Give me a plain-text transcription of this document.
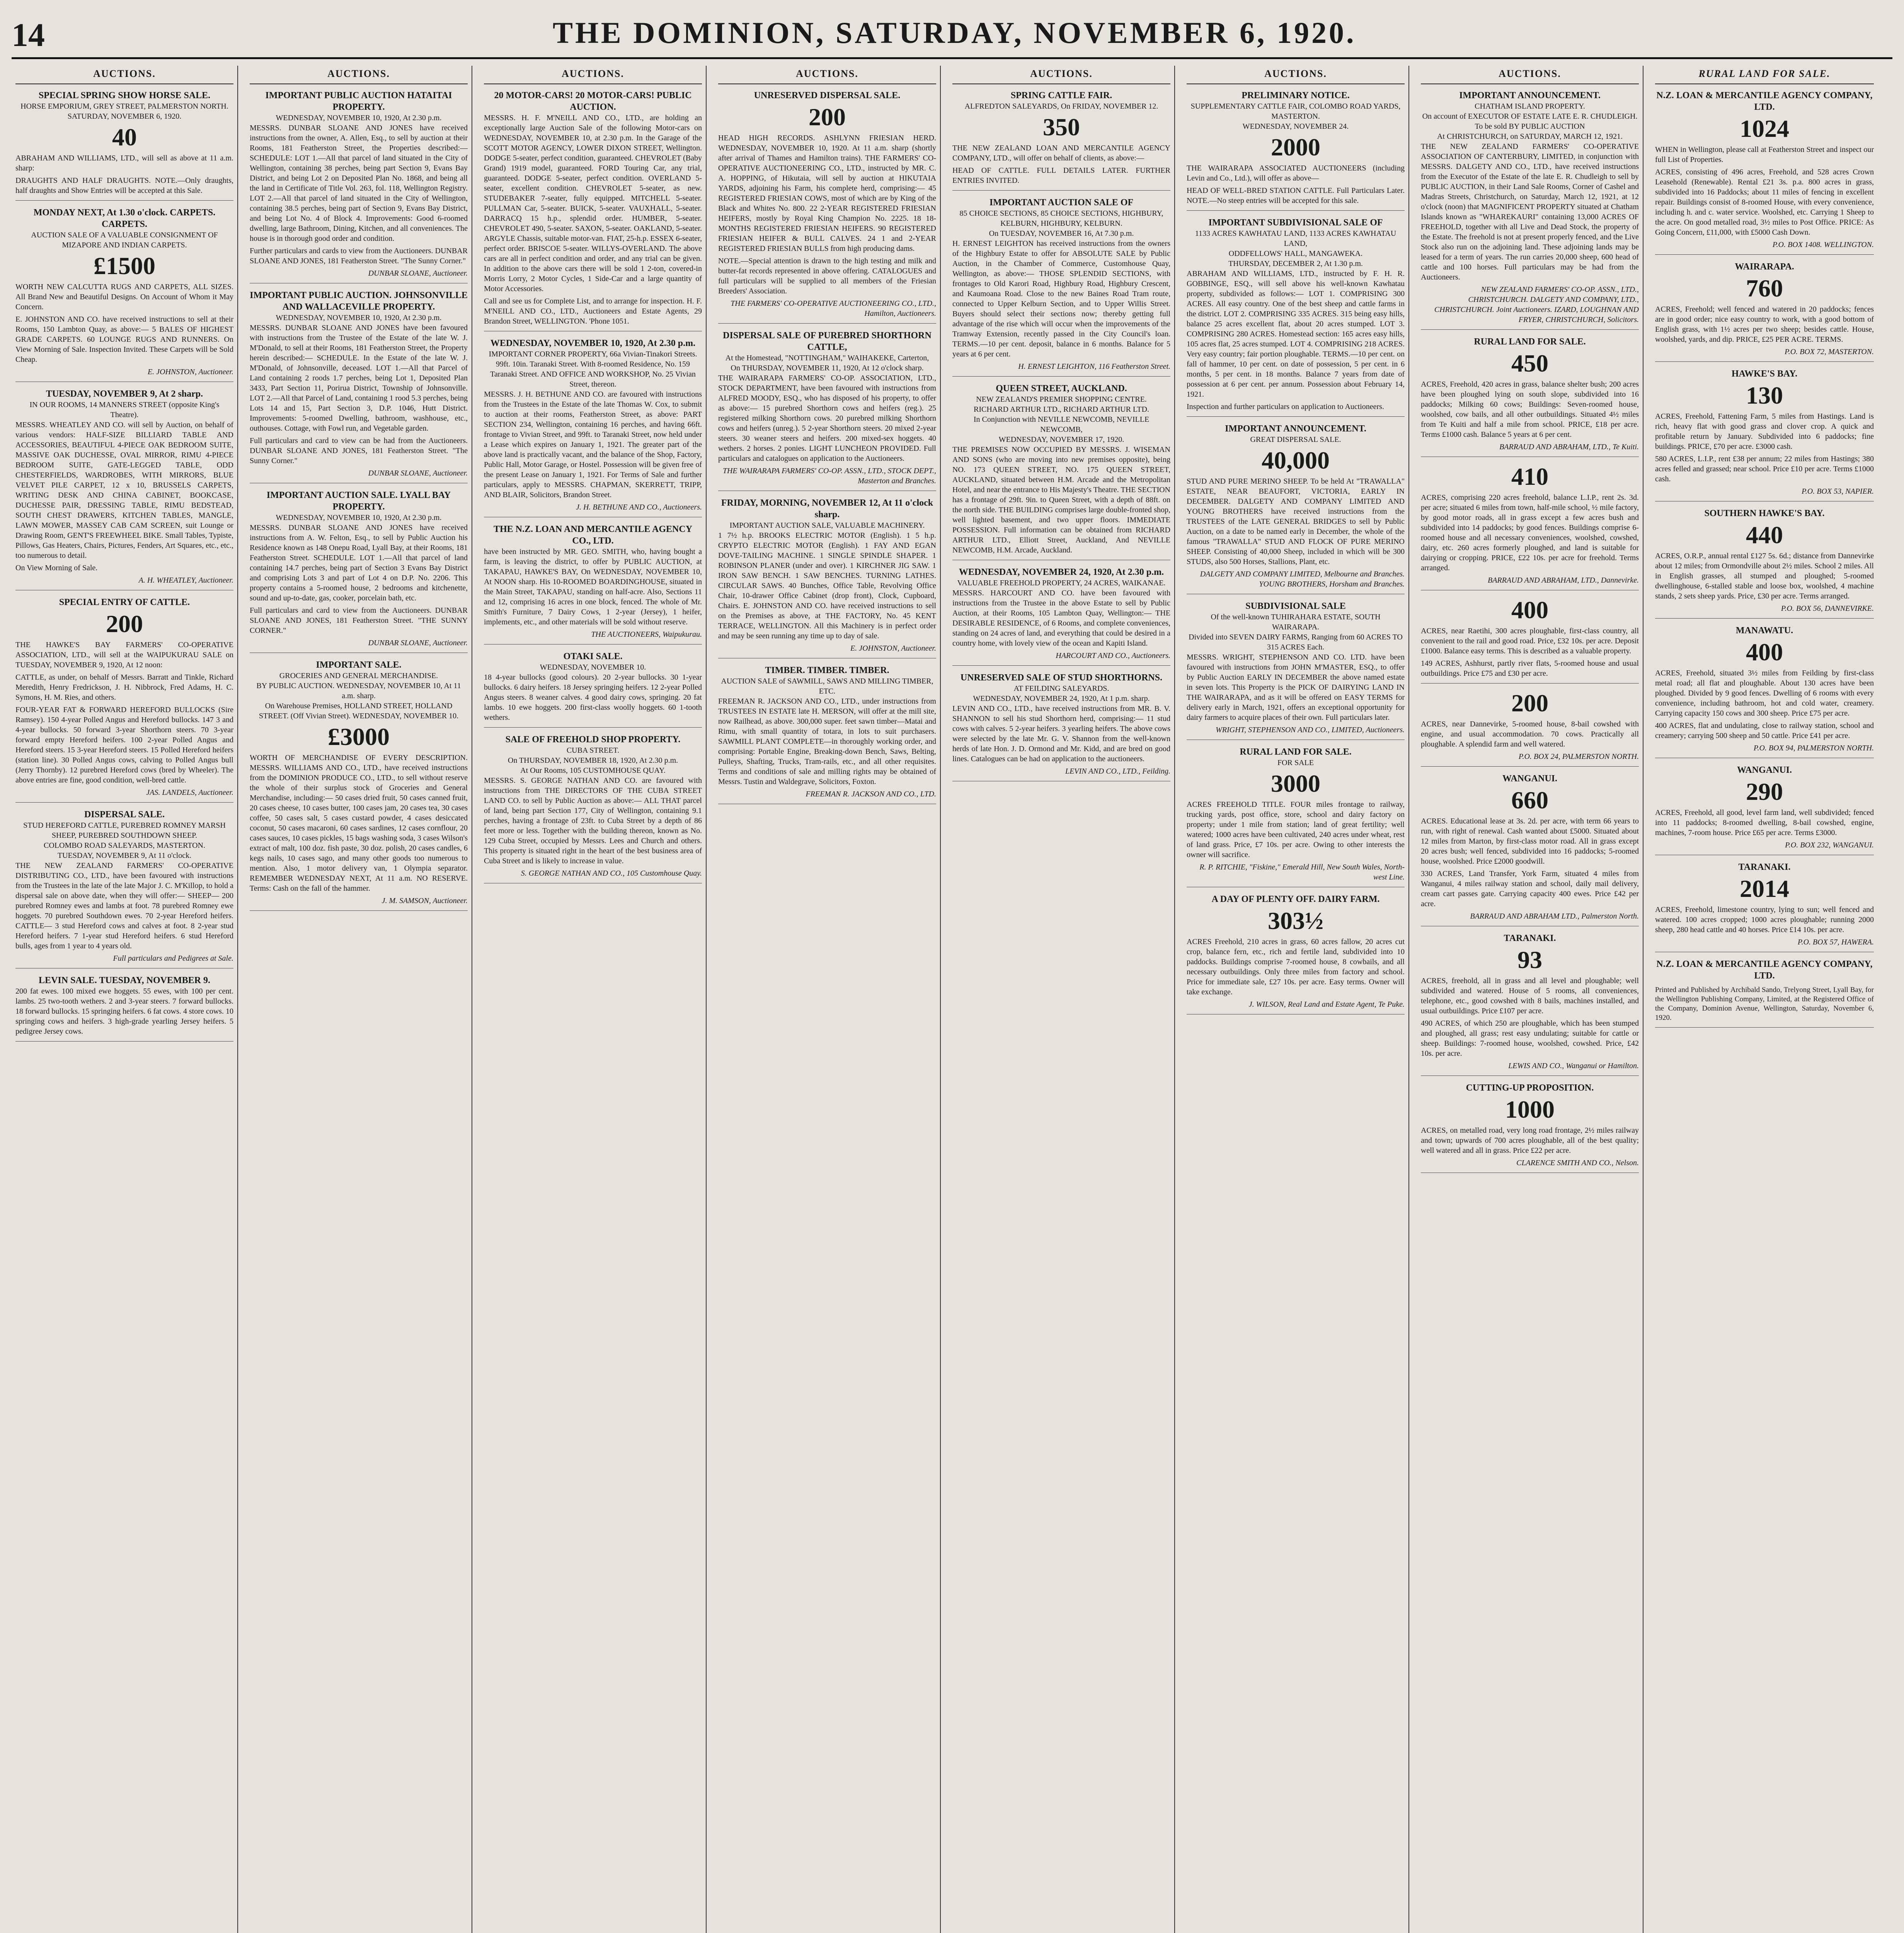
14	THE DOMINION, SATURDAY, NOVEMBER 6, 1920.
AUCTIONS.
SPECIAL SPRING SHOW HORSE SALE.
HORSE EMPORIUM, GREY STREET, PALMERSTON NORTH.
SATURDAY, NOVEMBER 6, 1920.
40
ABRAHAM AND WILLIAMS, LTD., will sell as above at 11 a.m. sharp:
DRAUGHTS AND HALF DRAUGHTS. NOTE.—Only draughts, half draughts and Show Entries will be accepted at this Sale.
MONDAY NEXT, At 1.30 o'clock. CARPETS. CARPETS.
AUCTION SALE OF A VALUABLE CONSIGNMENT OF MIZAPORE AND INDIAN CARPETS.
£1500
WORTH NEW CALCUTTA RUGS AND CARPETS, ALL SIZES. All Brand New and Beautiful Designs. On Account of Whom it May Concern.
E. JOHNSTON AND CO. have received instructions to sell at their Rooms, 150 Lambton Quay, as above:— 5 BALES OF HIGHEST GRADE CARPETS. 60 LOUNGE RUGS AND RUNNERS. On View Morning of Sale. Inspection Invited. These Carpets will be Sold Cheap.
E. JOHNSTON, Auctioneer.
TUESDAY, NOVEMBER 9, At 2 sharp.
IN OUR ROOMS, 14 MANNERS STREET (opposite King's Theatre).
MESSRS. WHEATLEY AND CO. will sell by Auction, on behalf of various vendors: HALF-SIZE BILLIARD TABLE AND ACCESSORIES, BEAUTIFUL 4-PIECE OAK BEDROOM SUITE, MASSIVE OAK DUCHESSE, OVAL MIRROR, RIMU 4-PIECE BEDROOM SUITE, GATE-LEGGED TABLE, ODD CHESTERFIELDS, WARDROBES, WITH MIRRORS, BLUE VELVET PILE CARPET, 12 x 10, BRUSSELS CARPETS, WRITING DESK AND CHINA CABINET, BOOKCASE, DUCHESSE PAIR, DRESSING TABLE, RIMU BEDSTEAD, SOUTH CHEST DRAWERS, KITCHEN TABLES, MANGLE, LAWN MOWER, MASSEY CAB CAM SCREEN, suit Lounge or Drawing Room, GENT'S FREEWHEEL BIKE. Small Tables, Typiste, Pillows, Gas Heaters, Chairs, Pictures, Fenders, Art Squares, etc., etc., too numerous to detail.
On View Morning of Sale.
A. H. WHEATLEY, Auctioneer.
SPECIAL ENTRY OF CATTLE.
200
THE HAWKE'S BAY FARMERS' CO-OPERATIVE ASSOCIATION, LTD., will sell at the WAIPUKURAU SALE on TUESDAY, NOVEMBER 9, 1920, At 12 noon:
CATTLE, as under, on behalf of Messrs. Barratt and Tinkle, Richard Meredith, Henry Fredrickson, J. H. Nibbrock, Fred Adams, H. C. Symons, H. M. Ries, and others.
FOUR-YEAR FAT & FORWARD HEREFORD BULLOCKS (Sire Ramsey). 150 4-year Polled Angus and Hereford bullocks. 147 3 and 4-year bullocks. 50 forward 3-year Shorthorn steers. 70 3-year forward empty Hereford heifers. 100 2-year Polled Angus and Hereford steers. 15 3-year Hereford steers. 15 Polled Hereford heifers (station line). 30 Polled Angus cows, calving to Polled Angus bull (Jerry Thornby). 12 purebred Hereford cows (bred by Wheeler). The above entries are fine, good condition, well-bred cattle.
JAS. LANDELS, Auctioneer.
DISPERSAL SALE.
STUD HEREFORD CATTLE, PUREBRED ROMNEY MARSH SHEEP, PUREBRED SOUTHDOWN SHEEP.
COLOMBO ROAD SALEYARDS, MASTERTON.
TUESDAY, NOVEMBER 9, At 11 o'clock.
THE NEW ZEALAND FARMERS' CO-OPERATIVE DISTRIBUTING CO., LTD., have been favoured with instructions from the Trustees in the late of the late Major J. C. M'Killop, to hold a dispersal sale on above date, when they will offer:— SHEEP— 200 purebred Romney ewes and lambs at foot. 78 purebred Romney ewe hoggets. 70 purebred Southdown ewes. 70 2-year Hereford heifers. CATTLE— 3 stud Hereford cows and calves at foot. 8 2-year stud Hereford heifers. 7 1-year stud Hereford heifers. 6 stud Hereford bulls, ages from 1 year to 4 years old.
Full particulars and Pedigrees at Sale.
LEVIN SALE. TUESDAY, NOVEMBER 9.
200 fat ewes. 100 mixed ewe hoggets. 55 ewes, with 100 per cent. lambs. 25 two-tooth wethers. 2 and 3-year steers. 7 forward bullocks. 18 forward bullocks. 15 springing heifers. 6 fat cows. 4 store cows. 10 springing cows and heifers. 3 high-grade yearling Jersey heifers. 5 pedigree Jersey cows.
AUCTIONS.
IMPORTANT PUBLIC AUCTION HATAITAI PROPERTY.
WEDNESDAY, NOVEMBER 10, 1920, At 2.30 p.m.
MESSRS. DUNBAR SLOANE AND JONES have received instructions from the owner, A. Allen, Esq., to sell by auction at their Rooms, 181 Featherston Street, the Properties described:— SCHEDULE: LOT 1.—All that parcel of land situated in the City of Wellington, containing 38 perches, being part Section 9, Evans Bay District, and being Lot 2 on Deposited Plan No. 1868, and being all the land in Certificate of Title Vol. 263, fol. 118, Wellington Registry. LOT 2.—All that parcel of land situated in the City of Wellington, containing 38.5 perches, being part of Section 9, Evans Bay District, and being Lot No. 4 of Block 4. Improvements: Good 6-roomed dwelling, large Bathroom, Dining, Kitchen, and all conveniences. The house is in thorough good order and condition.
Further particulars and cards to view from the Auctioneers. DUNBAR SLOANE AND JONES, 181 Featherston Street. "The Sunny Corner."
DUNBAR SLOANE, Auctioneer.
IMPORTANT PUBLIC AUCTION. JOHNSONVILLE AND WALLACEVILLE PROPERTY.
WEDNESDAY, NOVEMBER 10, 1920, At 2.30 p.m.
MESSRS. DUNBAR SLOANE AND JONES have been favoured with instructions from the Trustee of the Estate of the late W. J. M'Donald, to sell at their Rooms, 181 Featherston Street, the Property herein described:— SCHEDULE. In the Estate of the late W. J. M'Donald, of Johnsonville, deceased. LOT 1.—All that Parcel of Land containing 2 roods 1.7 perches, being Lot 1, Deposited Plan 3433, Part Section 11, Porirua District, Township of Johnsonville. LOT 2.—All that Parcel of Land, containing 1 rood 5.3 perches, being Lots 14 and 15, Part Section 3, D.P. 1046, Hutt District. Improvements: 5-roomed Dwelling, bathroom, washhouse, etc., outhouses. Cottage, with Fowl run, and Vegetable garden.
Full particulars and card to view can be had from the Auctioneers. DUNBAR SLOANE AND JONES, 181 Featherston Street. "The Sunny Corner."
DUNBAR SLOANE, Auctioneer.
IMPORTANT AUCTION SALE. LYALL BAY PROPERTY.
WEDNESDAY, NOVEMBER 10, 1920, At 2.30 p.m.
MESSRS. DUNBAR SLOANE AND JONES have received instructions from A. W. Felton, Esq., to sell by Public Auction his Residence known as 148 Onepu Road, Lyall Bay, at their Rooms, 181 Featherston Street. SCHEDULE. LOT 1.—All that parcel of land containing 14.7 perches, being part of Section 3 Evans Bay District and comprising Lots 3 and part of Lot 4 on D.P. No. 2206. This property contains a 5-roomed house, 2 bedrooms and kitchenette, sound and up-to-date, gas, cooker, porcelain bath, etc.
Full particulars and card to view from the Auctioneers. DUNBAR SLOANE AND JONES, 181 Featherston Street. "THE SUNNY CORNER."
DUNBAR SLOANE, Auctioneer.
IMPORTANT SALE.
GROCERIES AND GENERAL MERCHANDISE.
BY PUBLIC AUCTION. WEDNESDAY, NOVEMBER 10, At 11 a.m. sharp.
On Warehouse Premises, HOLLAND STREET, HOLLAND STREET. (Off Vivian Street). WEDNESDAY, NOVEMBER 10.
£3000
WORTH OF MERCHANDISE OF EVERY DESCRIPTION. MESSRS. WILLIAMS AND CO., LTD., have received instructions from the DOMINION PRODUCE CO., LTD., to sell without reserve the whole of their surplus stock of Groceries and General Merchandise, including:— 50 cases dried fruit, 50 cases canned fruit, 20 cases cheese, 10 cases butter, 100 cases jam, 20 cases tea, 30 cases coffee, 50 cases salt, 5 cases custard powder, 4 cases desiccated coconut, 50 cases macaroni, 60 cases sardines, 12 cases cornflour, 20 cases sauces, 10 cases pickles, 15 bags washing soda, 3 cases Wilson's extract of malt, 100 doz. fish paste, 30 doz. polish, 20 cases candles, 6 kegs nails, 10 cases sago, and many other goods too numerous to mention. Also, 1 motor delivery van, 1 Olympia separator. REMEMBER WEDNESDAY NEXT, At 11 a.m. NO RESERVE. Terms: Cash on the fall of the hammer.
J. M. SAMSON, Auctioneer.
AUCTIONS.
20 MOTOR-CARS! 20 MOTOR-CARS! PUBLIC AUCTION.
MESSRS. H. F. M'NEILL AND CO., LTD., are holding an exceptionally large Auction Sale of the following Motor-cars on WEDNESDAY, NOVEMBER 10, at 2.30 p.m. In the Garage of the SCOTT MOTOR AGENCY, LOWER DIXON STREET, Wellington. DODGE 5-seater, perfect condition, guaranteed. CHEVROLET (Baby Grand) 1919 model, guaranteed. FORD Touring Car, any trial, guaranteed. DODGE 5-seater, perfect condition. OVERLAND 5-seater, excellent condition. CHEVROLET 5-seater, as new. STUDEBAKER 7-seater, fully equipped. MITCHELL 5-seater. PULLMAN Car, 5-seater. BUICK, 5-seater. VAUXHALL, 5-seater. DARRACQ 15 h.p., splendid order. HUMBER, 5-seater. CHEVROLET 490, 5-seater. SAXON, 5-seater. OAKLAND, 5-seater. ARGYLE Chassis, suitable motor-van. FIAT, 25-h.p. ESSEX 6-seater, perfect order. BRISCOE 5-seater. WILLYS-OVERLAND. The above cars are all in perfect condition and order, and any trial can be given. In addition to the above cars there will be sold 1 2-ton, covered-in Morris Lorry, 2 Motor Cycles, 1 Side-Car and a large quantity of Motor Accessories.
Call and see us for Complete List, and to arrange for inspection. H. F. M'NEILL AND CO., LTD., Auctioneers and Estate Agents, 29 Brandon Street, WELLINGTON. 'Phone 1051.
WEDNESDAY, NOVEMBER 10, 1920, At 2.30 p.m.
IMPORTANT CORNER PROPERTY, 66a Vivian-Tinakori Streets. 99ft. 10in. Taranaki Street. With 8-roomed Residence, No. 159 Taranaki Street. AND OFFICE AND WORKSHOP, No. 25 Vivian Street, thereon.
MESSRS. J. H. BETHUNE AND CO. are favoured with instructions from the Trustees in the Estate of the late Thomas W. Cox, to submit to auction at their rooms, Featherston Street, as above: PART SECTION 234, Wellington, containing 16 perches, and having 66ft. frontage to Vivian Street, and 99ft. to Taranaki Street, now held under a Lease which expires on January 1, 1921. The greater part of the above land is practically vacant, and the balance of the Shop, Factory, Public Hall, Motor Garage, or Hostel. Possession will be given free of the present Lease on January 1, 1921. For Terms of Sale and further particulars, apply to MESSRS. CHAPMAN, SKERRETT, TRIPP, AND BLAIR, Solicitors, Brandon Street.
J. H. BETHUNE AND CO., Auctioneers.
THE N.Z. LOAN AND MERCANTILE AGENCY CO., LTD.
have been instructed by MR. GEO. SMITH, who, having bought a farm, is leaving the district, to offer by PUBLIC AUCTION, at TAKAPAU, HAWKE'S BAY, On WEDNESDAY, NOVEMBER 10, At NOON sharp. His 10-ROOMED BOARDINGHOUSE, situated in the Main Street, TAKAPAU, standing on half-acre. Also, Sections 11 and 12, comprising 16 acres in one block, fenced. The whole of Mr. Smith's Furniture, 7 Dairy Cows, 1 2-year (Jersey), 1 heifer, implements, etc., and other materials will be sold without reserve.
THE AUCTIONEERS, Waipukurau.
OTAKI SALE.
WEDNESDAY, NOVEMBER 10.
18 4-year bullocks (good colours). 20 2-year bullocks. 30 1-year bullocks. 6 dairy heifers. 18 Jersey springing heifers. 12 2-year Polled Angus steers. 8 weaner calves. 4 good dairy cows, springing. 20 fat lambs. 10 ewe hoggets. 200 first-class woolly hoggets. 60 1-tooth wethers.
SALE OF FREEHOLD SHOP PROPERTY.
CUBA STREET.
On THURSDAY, NOVEMBER 18, 1920, At 2.30 p.m.
At Our Rooms, 105 CUSTOMHOUSE QUAY.
MESSRS. S. GEORGE NATHAN AND CO. are favoured with instructions from THE DIRECTORS OF THE CUBA STREET LAND CO. to sell by Public Auction as above:— ALL THAT parcel of land, being part Section 177, City of Wellington, containing 9.1 perches, having a frontage of 23ft. to Cuba Street by a depth of 86 feet more or less. Together with the building thereon, known as No. 129 Cuba Street, occupied by Messrs. Lees and Church and others. This property is situated right in the heart of the best business area of Cuba Street and is likely to increase in value.
S. GEORGE NATHAN AND CO., 105 Customhouse Quay.
AUCTIONS.
UNRESERVED DISPERSAL SALE.
200
HEAD HIGH RECORDS. ASHLYNN FRIESIAN HERD. WEDNESDAY, NOVEMBER 10, 1920. At 11 a.m. sharp (shortly after arrival of Thames and Hamilton trains). THE FARMERS' CO-OPERATIVE AUCTIONEERING CO., LTD., instructed by MR. C. A. HOPPING, of Hikutaia, will sell by auction at HIKUTAIA YARDS, adjoining his Farm, his complete herd, comprising:— 45 REGISTERED FRIESIAN COWS, most of which are by King of the Black and Whites No. 800. 22 2-YEAR REGISTERED FRIESIAN HEIFERS, mostly by Royal King Champion No. 2225. 18 18-MONTHS REGISTERED FRIESIAN HEIFERS. 90 REGISTERED FRIESIAN HEIFER & BULL CALVES. 24 1 and 2-YEAR REGISTERED FRIESIAN BULLS from high producing dams.
NOTE.—Special attention is drawn to the high testing and milk and butter-fat records represented in above offering. CATALOGUES and full particulars will be supplied to all members of the Friesian Breeders' Association.
THE FARMERS' CO-OPERATIVE AUCTIONEERING CO., LTD., Hamilton, Auctioneers.
DISPERSAL SALE OF PUREBRED SHORTHORN CATTLE,
At the Homestead, "NOTTINGHAM," WAIHAKEKE, Carterton,
On THURSDAY, NOVEMBER 11, 1920, At 12 o'clock sharp.
THE WAIRARAPA FARMERS' CO-OP. ASSOCIATION, LTD., STOCK DEPARTMENT, have been favoured with instructions from ALFRED MOODY, ESQ., who has disposed of his property, to offer as above:— 15 purebred Shorthorn cows and heifers (reg.). 25 registered milking Shorthorn cows. 20 purebred milking Shorthorn cows and heifers (unreg.). 5 2-year Shorthorn steers. 20 mixed 2-year steers. 30 weaner steers and heifers. 200 mixed-sex hoggets. 40 wethers. 2 horses. 2 ponies. LIGHT LUNCHEON PROVIDED. Full particulars and catalogues on application to the Auctioneers.
THE WAIRARAPA FARMERS' CO-OP. ASSN., LTD., STOCK DEPT., Masterton and Branches.
FRIDAY, MORNING, NOVEMBER 12, At 11 o'clock sharp.
IMPORTANT AUCTION SALE, VALUABLE MACHINERY.
1 7½ h.p. BROOKS ELECTRIC MOTOR (English). 1 5 h.p. CRYPTO ELECTRIC MOTOR (English). 1 FAY AND EGAN DOVE-TAILING MACHINE. 1 SINGLE SPINDLE SHAPER. 1 ROBINSON PLANER (under and over). 1 KIRCHNER JIG SAW. 1 IRON SAW BENCH. 1 SAW BENCHES. TURNING LATHES. CIRCULAR SAWS. 40 Bunches, Office Table, Revolving Office Chair, 10-drawer Office Cabinet (drop front), Clock, Cupboard, Chairs. E. JOHNSTON AND CO. have received instructions to sell on the Premises as above, at THE FACTORY, No. 45 KENT TERRACE, WELLINGTON. All this Machinery is in perfect order and may be seen running any time up to day of sale.
E. JOHNSTON, Auctioneer.
TIMBER. TIMBER. TIMBER.
AUCTION SALE of SAWMILL, SAWS AND MILLING TIMBER, ETC.
FREEMAN R. JACKSON AND CO., LTD., under instructions from TRUSTEES IN ESTATE late H. MERSON, will offer at the mill site, now Railhead, as above. 300,000 super. feet sawn timber—Matai and Rimu, with small quantity of totara, in lots to suit purchasers. SAWMILL PLANT COMPLETE—in thoroughly working order, and comprising: Portable Engine, Breaking-down Bench, Saws, Belting, Pulleys, Shafting, Trucks, Tram-rails, etc., and all other requisites. Terms and conditions of sale and milling rights may be obtained of Messrs. Tustin and Waldegrave, Solicitors, Foxton.
FREEMAN R. JACKSON AND CO., LTD.
AUCTIONS.
SPRING CATTLE FAIR.
ALFREDTON SALEYARDS, On FRIDAY, NOVEMBER 12.
350
THE NEW ZEALAND LOAN AND MERCANTILE AGENCY COMPANY, LTD., will offer on behalf of clients, as above:—
HEAD OF CATTLE. FULL DETAILS LATER. FURTHER ENTRIES INVITED.
IMPORTANT AUCTION SALE OF
85 CHOICE SECTIONS, 85 CHOICE SECTIONS, HIGHBURY, KELBURN, HIGHBURY, KELBURN.
On TUESDAY, NOVEMBER 16, At 7.30 p.m.
H. ERNEST LEIGHTON has received instructions from the owners of the Highbury Estate to offer for ABSOLUTE SALE by Public Auction, in the Chamber of Commerce, Customhouse Quay, Wellington, as above:— THOSE SPLENDID SECTIONS, with frontages to Old Karori Road, Highbury Road, Highbury Crescent, and Kaumoana Road. Close to the new Baines Road Tram route, connected to Upper Kelburn Section, and to Upper Willis Street. Buyers should select their sections now; thereby getting full advantage of the rise which will occur when the improvements of the Tramway Extension, recently passed in the City Council's loan. TERMS.—10 per cent. deposit, balance in 6 months. Balance for 5 years at 6 per cent.
H. ERNEST LEIGHTON, 116 Featherston Street.
QUEEN STREET, AUCKLAND.
NEW ZEALAND'S PREMIER SHOPPING CENTRE.
RICHARD ARTHUR LTD., RICHARD ARTHUR LTD.
In Conjunction with NEVILLE NEWCOMB, NEVILLE NEWCOMB,
WEDNESDAY, NOVEMBER 17, 1920.
THE PREMISES NOW OCCUPIED BY MESSRS. J. WISEMAN AND SONS (who are moving into new premises opposite), being NO. 173 QUEEN STREET, NO. 175 QUEEN STREET, AUCKLAND, situated between H.M. Arcade and the Metropolitan Hotel, and near the entrance to His Majesty's Theatre. THE SECTION has a frontage of 29ft. 9in. to Queen Street, with a depth of 88ft. on the north side. THE BUILDING comprises large double-fronted shop, well lighted basement, and two upper floors. IMMEDIATE POSSESSION. Full information can be obtained from RICHARD ARTHUR LTD., Elliott Street, Auckland, And NEVILLE NEWCOMB, H.M. Arcade, Auckland.
WEDNESDAY, NOVEMBER 24, 1920, At 2.30 p.m.
VALUABLE FREEHOLD PROPERTY, 24 ACRES, WAIKANAE.
MESSRS. HARCOURT AND CO. have been favoured with instructions from the Trustee in the above Estate to sell by Public Auction, at their Rooms, 105 Lambton Quay, Wellington:— THE DESIRABLE RESIDENCE, of 6 Rooms, and complete conveniences, standing on 24 acres of land, and everything that could be desired in a country home, with lovely view of the ocean and Kapiti Island.
HARCOURT AND CO., Auctioneers.
UNRESERVED SALE OF STUD SHORTHORNS.
AT FEILDING SALEYARDS.
WEDNESDAY, NOVEMBER 24, 1920, At 1 p.m. sharp.
LEVIN AND CO., LTD., have received instructions from MR. B. V. SHANNON to sell his stud Shorthorn herd, comprising:— 11 stud cows with calves. 5 2-year heifers. 3 yearling heifers. The above cows were selected by the late Mr. G. V. Shannon from the well-known herds of late Hon. J. D. Ormond and Mr. Kidd, and are bred on good lines. Catalogues can be had on application to the auctioneers.
LEVIN AND CO., LTD., Feilding.
AUCTIONS.
PRELIMINARY NOTICE.
SUPPLEMENTARY CATTLE FAIR, COLOMBO ROAD YARDS, MASTERTON.
WEDNESDAY, NOVEMBER 24.
2000
THE WAIRARAPA ASSOCIATED AUCTIONEERS (including Levin and Co., Ltd.), will offer as above—
HEAD OF WELL-BRED STATION CATTLE. Full Particulars Later. NOTE.—No steep entries will be accepted for this sale.
IMPORTANT SUBDIVISIONAL SALE OF
1133 ACRES KAWHATAU LAND, 1133 ACRES KAWHATAU LAND,
ODDFELLOWS' HALL, MANGAWEKA.
THURSDAY, DECEMBER 2, At 1.30 p.m.
ABRAHAM AND WILLIAMS, LTD., instructed by F. H. R. GOBBINGE, ESQ., will sell above his well-known Kawhatau property, subdivided as follows:— LOT 1. COMPRISING 300 ACRES. All easy country. One of the best sheep and cattle farms in the district. LOT 2. COMPRISING 335 ACRES. 315 being easy hills, balance 25 acres excellent flat, about 20 acres stumped. LOT 3. COMPRISING 280 ACRES. Homestead section: 165 acres easy hills, 105 acres flat, 25 acres stumped. LOT 4. COMPRISING 218 ACRES. Very easy country; fair portion ploughable. TERMS.—10 per cent. on fall of hammer, 10 per cent. on date of possession, 5 per cent. in 6 months, 5 per cent. in 18 months. Balance 7 years from date of possession at 6 per cent. per annum. Possession about February 14, 1921.
Inspection and further particulars on application to Auctioneers.
IMPORTANT ANNOUNCEMENT.
GREAT DISPERSAL SALE.
40,000
STUD AND PURE MERINO SHEEP. To be held At "TRAWALLA" ESTATE, NEAR BEAUFORT, VICTORIA, EARLY IN DECEMBER. DALGETY AND COMPANY LIMITED AND YOUNG BROTHERS have received instructions from the TRUSTEES of the LATE GENERAL BRIDGES to sell by Public Auction, on a date to be named early in December, the whole of the famous "TRAWALLA" STUD AND FLOCK OF PURE MERINO SHEEP. Consisting of 40,000 Sheep, included in which will be 300 STUDS, also 500 Horses, Stallions, Plant, etc.
DALGETY AND COMPANY LIMITED, Melbourne and Branches. YOUNG BROTHERS, Horsham and Branches.
SUBDIVISIONAL SALE
Of the well-known TUHIRAHARA ESTATE, SOUTH WAIRARAPA.
Divided into SEVEN DAIRY FARMS, Ranging from 60 ACRES TO 315 ACRES Each.
MESSRS. WRIGHT, STEPHENSON AND CO. LTD. have been favoured with instructions from JOHN M'MASTER, ESQ., to offer by Public Auction EARLY IN DECEMBER the above named estate in seven lots. This Property is the PICK OF DAIRYING LAND IN THE WAIRARAPA, and as it will be offered on EASY TERMS for delivery early in March, 1921, offers an exceptional opportunity for dairy farmers to acquire places of their own. Full particulars later.
WRIGHT, STEPHENSON AND CO., LIMITED, Auctioneers.
RURAL LAND FOR SALE.
FOR SALE
3000
ACRES FREEHOLD TITLE. FOUR miles frontage to railway, trucking yards, post office, store, school and dairy factory on property; under 1 mile from station; land of great fertility; well watered; 1000 acres have been cultivated, 240 acres under wheat, rest of land grass. Price, £7 10s. per acre. Owing to other interests the owner will sacrifice.
R. P. RITCHIE, "Fiskine," Emerald Hill, New South Wales, North-west Line.
A DAY OF PLENTY OFF. DAIRY FARM.
303½
ACRES Freehold, 210 acres in grass, 60 acres fallow, 20 acres cut crop, balance fern, etc., rich and fertile land, subdivided into 10 paddocks. Buildings comprise 7-roomed house, 8 cowbails, and all necessary outbuildings. Only three miles from factory and school. Price for immediate sale, £27 10s. per acre. Easy terms. Owner will take exchange.
J. WILSON, Real Land and Estate Agent, Te Puke.
AUCTIONS.
IMPORTANT ANNOUNCEMENT.
CHATHAM ISLAND PROPERTY.
On account of EXECUTOR OF ESTATE LATE E. R. CHUDLEIGH.
To be sold BY PUBLIC AUCTION
At CHRISTCHURCH, on SATURDAY, MARCH 12, 1921.
THE NEW ZEALAND FARMERS' CO-OPERATIVE ASSOCIATION OF CANTERBURY, LIMITED, in conjunction with MESSRS. DALGETY AND CO., LTD., have received instructions from the Executor of the Estate of the late E. R. Chudleigh to sell by PUBLIC AUCTION, in their Land Sale Rooms, Corner of Cashel and Madras Streets, Christchurch, on Saturday, March 12, 1921, at 12 o'clock (noon) that MAGNIFICENT PROPERTY situated at Chatham Islands known as "WHAREKAURI" containing 13,000 ACRES OF FREEHOLD, together with all Live and Dead Stock, the property of the Estate. The freehold is not at present properly fenced, and the Live Stock also run on the adjoining land. These adjoining lands may be leased for a term of years. The run carries 20,000 sheep, 600 head of cattle and 100 horses. Full particulars may be had from the Auctioneers.
NEW ZEALAND FARMERS' CO-OP. ASSN., LTD., CHRISTCHURCH. DALGETY AND COMPANY, LTD., CHRISTCHURCH. Joint Auctioneers. IZARD, LOUGHNAN AND FRYER, CHRISTCHURCH, Solicitors.
RURAL LAND FOR SALE.
450
ACRES, Freehold, 420 acres in grass, balance shelter bush; 200 acres have been ploughed lying on south slope, subdivided into 16 paddocks; Milking 60 cows; Buildings: Seven-roomed house, woolshed, cow bails, and all other outbuildings. Situated 4½ miles from Te Kuiti and half a mile from school. PRICE, £18 per acre. Terms £1000 cash. Balance 5 years at 6 per cent.
BARRAUD AND ABRAHAM, LTD., Te Kuiti.
410
ACRES, comprising 220 acres freehold, balance L.I.P., rent 2s. 3d. per acre; situated 6 miles from town, half-mile school, ½ mile factory, by good motor roads, all in grass except a few acres bush and subdivided into 14 paddocks; by good fences. Buildings comprise 6-roomed house and all necessary conveniences, woolshed, cowshed, dairy, etc. 260 acres formerly ploughed, and land is suitable for dairying or cropping. PRICE, £22 10s. per acre for freehold. Terms arranged.
BARRAUD AND ABRAHAM, LTD., Dannevirke.
400
ACRES, near Raetihi, 300 acres ploughable, first-class country, all convenient to the rail and good road. Price, £32 10s. per acre. Deposit £1000. Balance easy terms. This is described as a valuable property.
149 ACRES, Ashhurst, partly river flats, 5-roomed house and usual outbuildings. Price £75 and £30 per acre.
200
ACRES, near Dannevirke, 5-roomed house, 8-bail cowshed with engine, and usual accommodation. 70 cows. Practically all ploughable. A splendid farm and well watered.
P.O. BOX 24, PALMERSTON NORTH.
WANGANUI.
660
ACRES. Educational lease at 3s. 2d. per acre, with term 66 years to run, with right of renewal. Cash wanted about £5000. Situated about 12 miles from Marton, by first-class motor road. All in grass except 20 acres bush; well fenced, subdivided into 16 paddocks; 5-roomed house, woolshed. Price £2000 goodwill.
330 ACRES, Land Transfer, York Farm, situated 4 miles from Wanganui, 4 miles railway station and school, daily mail delivery, cream cart passes gate. Carrying capacity 400 ewes. Price £42 per acre.
BARRAUD AND ABRAHAM LTD., Palmerston North.
TARANAKI.
93
ACRES, freehold, all in grass and all level and ploughable; well subdivided and watered. House of 5 rooms, all conveniences, telephone, etc., good cowshed with 8 bails, machines installed, and usual outbuildings. Price £107 per acre.
490 ACRES, of which 250 are ploughable, which has been stumped and ploughed, all grass; rest easy undulating; suitable for cattle or sheep. Buildings: 7-roomed house, woolshed, cowshed. Price, £42 10s. per acre.
LEWIS AND CO., Wanganui or Hamilton.
CUTTING-UP PROPOSITION.
1000
ACRES, on metalled road, very long road frontage, 2½ miles railway and town; upwards of 700 acres ploughable, all of the best quality; well watered and all in grass. Price £22 per acre.
CLARENCE SMITH AND CO., Nelson.
RURAL LAND FOR SALE.
N.Z. LOAN & MERCANTILE AGENCY COMPANY, LTD.
1024
WHEN in Wellington, please call at Featherston Street and inspect our full List of Properties.
ACRES, consisting of 496 acres, Freehold, and 528 acres Crown Leasehold (Renewable). Rental £21 3s. p.a. 800 acres in grass, subdivided into 16 Paddocks; about 11 miles of fencing in excellent repair. Buildings consist of 8-roomed House, with every convenience, including h. and c. water service. Woolshed, etc. Carrying 1 Sheep to the acre. On good metalled road, 3½ miles to Post Office. PRICE: As Going Concern, £11,000, with £5000 Cash Down.
P.O. BOX 1408. WELLINGTON.
WAIRARAPA.
760
ACRES, Freehold; well fenced and watered in 20 paddocks; fences are in good order; nice easy country to work, with a good bottom of English grass, with 1½ acres per two sheep; besides cattle. House, woolshed, yards, and dip. PRICE, £25 PER ACRE. TERMS.
P.O. BOX 72, MASTERTON.
HAWKE'S BAY.
130
ACRES, Freehold, Fattening Farm, 5 miles from Hastings. Land is rich, heavy flat with good grass and clover crop. A quick and profitable return by January. Subdivided into 6 paddocks; fine buildings. PRICE, £70 per acre. £3000 cash.
580 ACRES, L.I.P., rent £38 per annum; 22 miles from Hastings; 380 acres felled and grassed; near school. Price £10 per acre. Terms £1000 cash.
P.O. BOX 53, NAPIER.
SOUTHERN HAWKE'S BAY.
440
ACRES, O.R.P., annual rental £127 5s. 6d.; distance from Dannevirke about 12 miles; from Ormondville about 2½ miles. School 2 miles. All in English grasses, all stumped and ploughed; 5-roomed dwellinghouse, 6-stalled stable and loose box, woolshed, 4 machine stands, 2 sets sheep yards. Price, £30 per acre. Terms arranged.
P.O. BOX 56, DANNEVIRKE.
MANAWATU.
400
ACRES, Freehold, situated 3½ miles from Feilding by first-class metal road; all flat and ploughable. About 130 acres have been ploughed. Divided by 9 good fences. Dwelling of 6 rooms with every convenience, including bathroom, hot and cold water, creamery. Carrying capacity 150 cows and 300 sheep. Price £75 per acre.
400 ACRES, flat and undulating, close to railway station, school and creamery; carrying 500 sheep and 50 cattle. Price £41 per acre.
P.O. BOX 94, PALMERSTON NORTH.
WANGANUI.
290
ACRES, Freehold, all good, level farm land, well subdivided; fenced into 11 paddocks; 8-roomed dwelling, 8-bail cowshed, engine, machines, 7-room house. Price £65 per acre. Terms £3000.
P.O. BOX 232, WANGANUI.
TARANAKI.
2014
ACRES, Freehold, limestone country, lying to sun; well fenced and watered. 100 acres cropped; 1000 acres ploughable; running 2000 sheep, 280 head cattle and 40 horses. Price £14 10s. per acre.
P.O. BOX 57, HAWERA.
N.Z. LOAN & MERCANTILE AGENCY COMPANY, LTD.
Printed and Published by Archibald Sando, Trelyong Street, Lyall Bay, for the Wellington Publishing Company, Limited, at the Registered Office of the Company, Dominion Avenue, Wellington, Saturday, November 6, 1920.
